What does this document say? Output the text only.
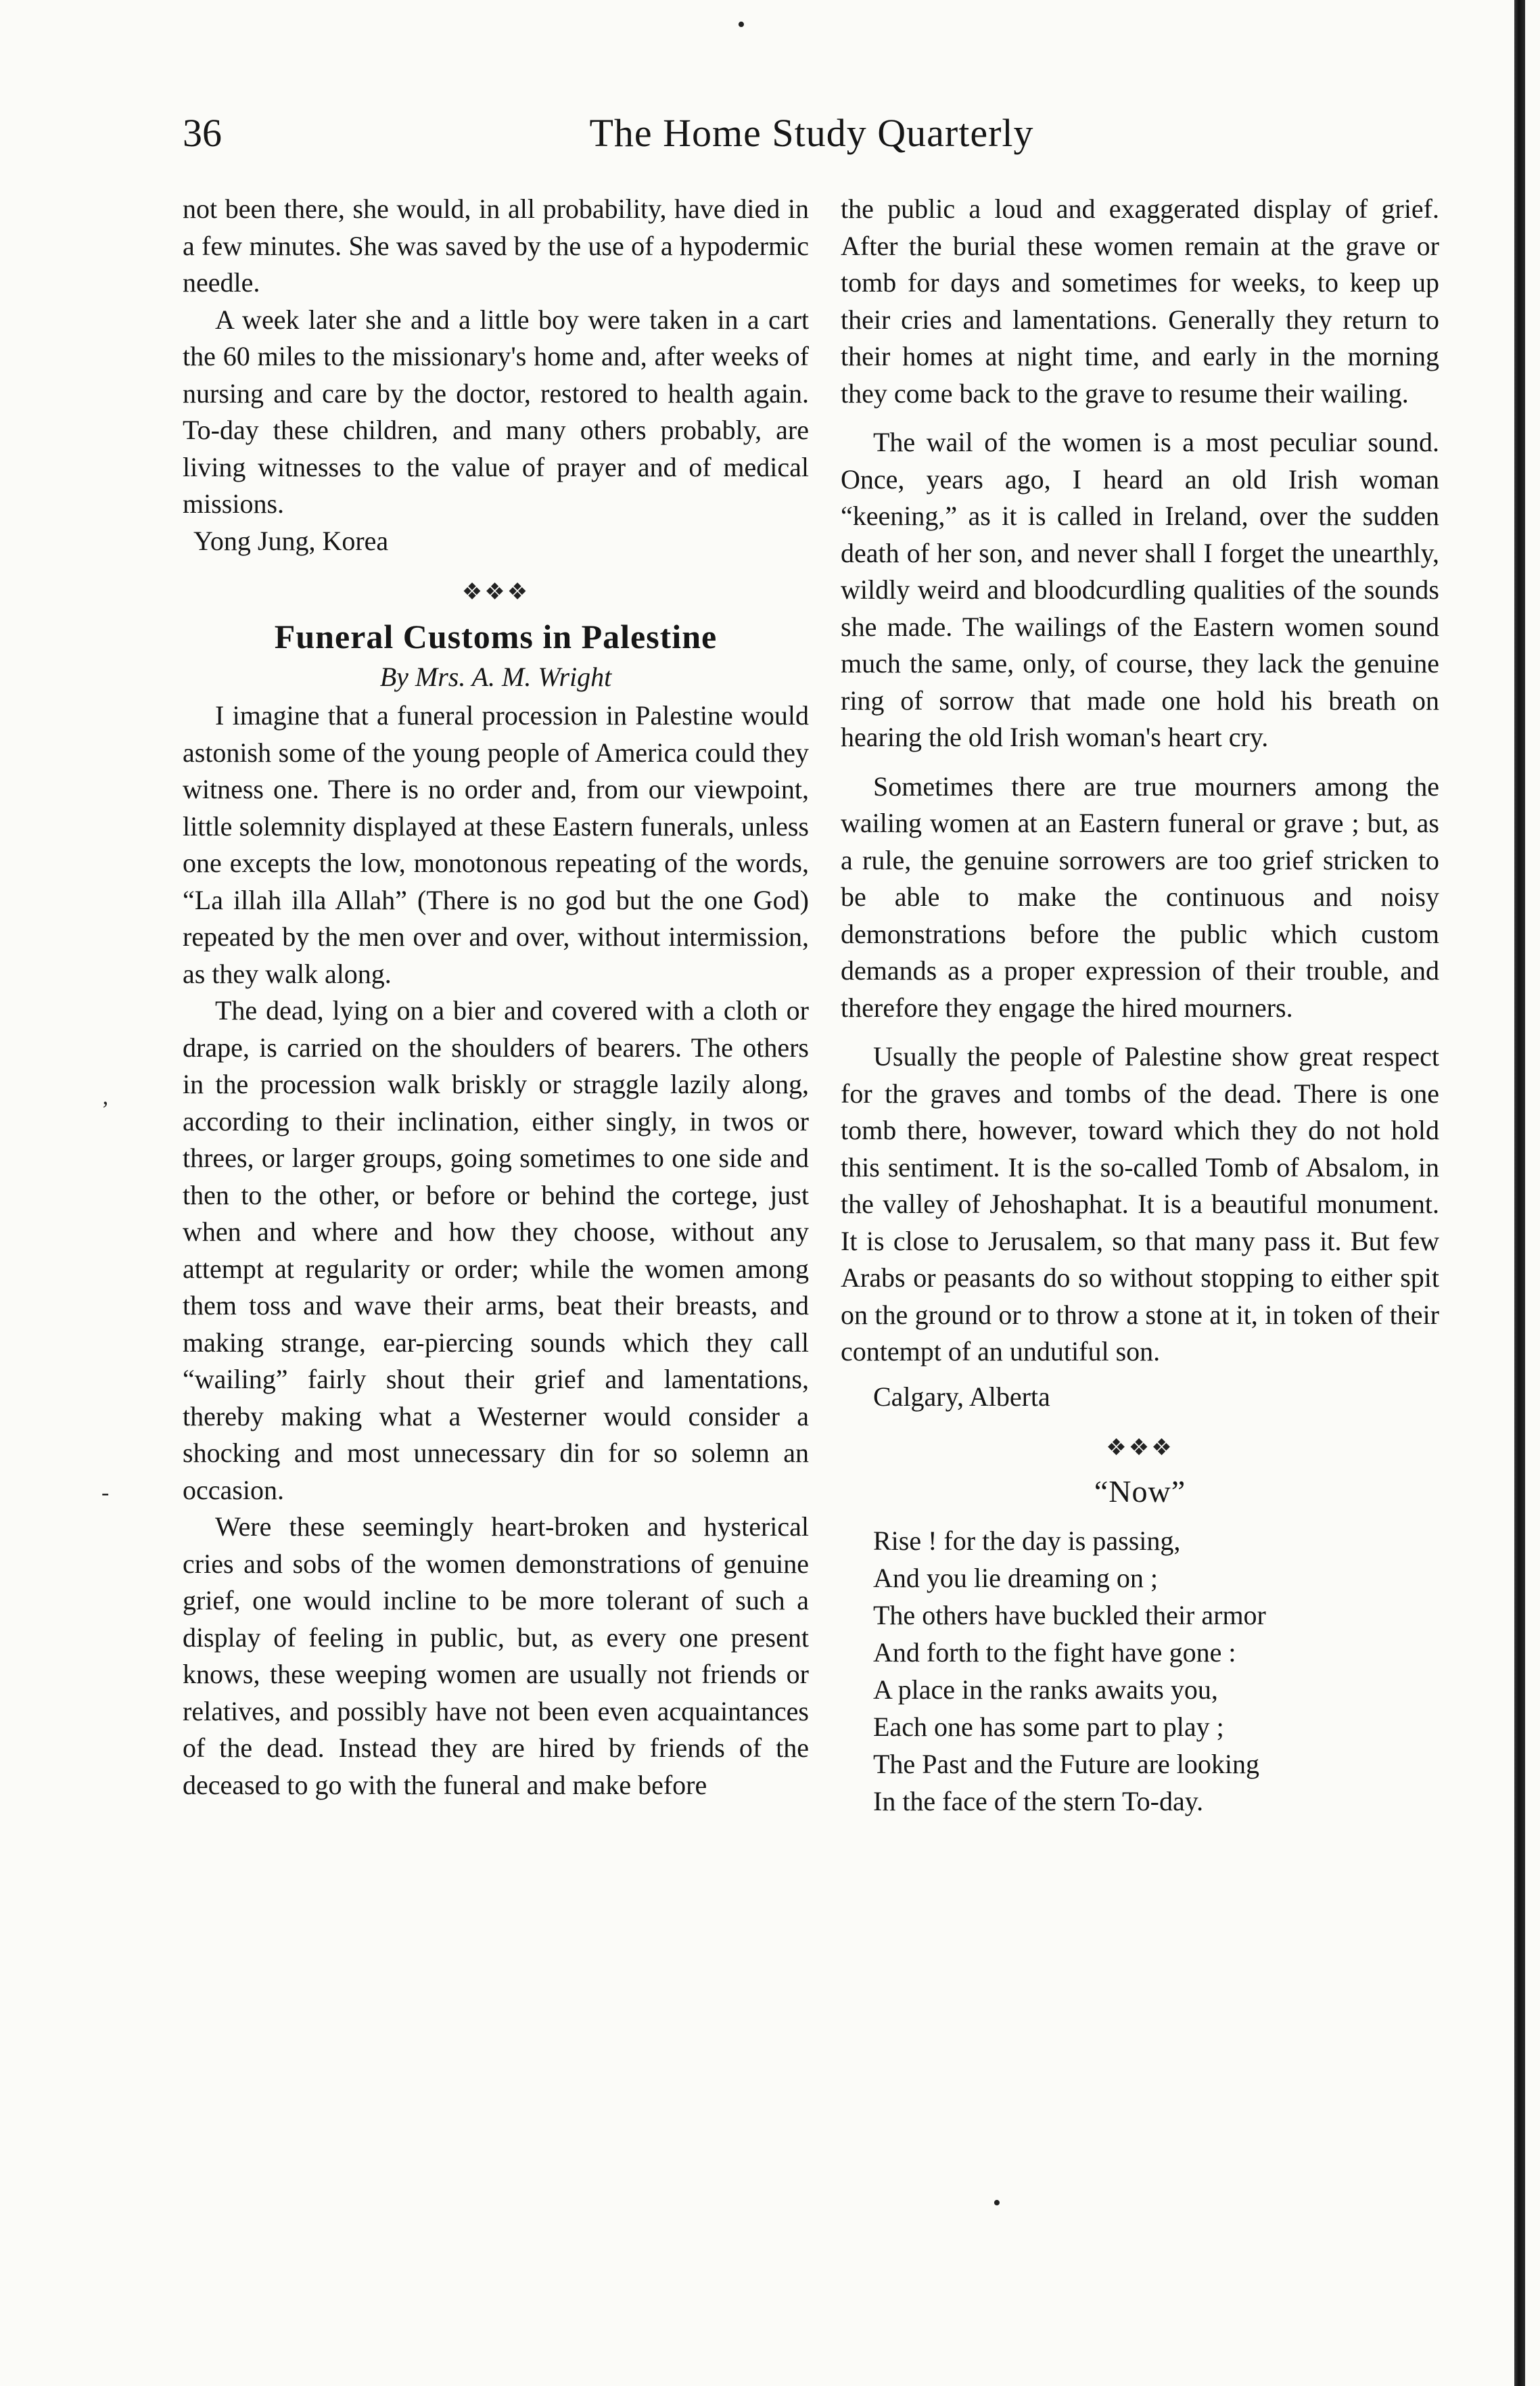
36	The Home Study Quarterly

not been there, she would, in all probability, have died in a few minutes. She was saved by the use of a hypodermic needle.

A week later she and a little boy were taken in a cart the 60 miles to the missionary's home and, after weeks of nursing and care by the doctor, restored to health again. To-day these children, and many others probably, are living witnesses to the value of prayer and of medical missions.

Yong Jung, Korea

❖❖❖
Funeral Customs in Palestine
By Mrs. A. M. Wright

I imagine that a funeral procession in Palestine would astonish some of the young people of America could they witness one. There is no order and, from our viewpoint, little solemnity displayed at these Eastern funerals, unless one excepts the low, monotonous repeating of the words, “La illah illa Allah” (There is no god but the one God) repeated by the men over and over, without intermission, as they walk along.

The dead, lying on a bier and covered with a cloth or drape, is carried on the shoulders of bearers. The others in the procession walk briskly or straggle lazily along, according to their inclination, either singly, in twos or threes, or larger groups, going sometimes to one side and then to the other, or before or behind the cortege, just when and where and how they choose, without any attempt at regularity or order; while the women among them toss and wave their arms, beat their breasts, and making strange, ear-piercing sounds which they call “wailing” fairly shout their grief and lamentations, thereby making what a Westerner would consider a shocking and most unnecessary din for so solemn an occasion.

Were these seemingly heart-broken and hysterical cries and sobs of the women demonstrations of genuine grief, one would incline to be more tolerant of such a display of feeling in public, but, as every one present knows, these weeping women are usually not friends or relatives, and possibly have not been even acquaintances of the dead. Instead they are hired by friends of the deceased to go with the funeral and make before

the public a loud and exaggerated display of grief. After the burial these women remain at the grave or tomb for days and sometimes for weeks, to keep up their cries and lamentations. Generally they return to their homes at night time, and early in the morning they come back to the grave to resume their wailing.

The wail of the women is a most peculiar sound. Once, years ago, I heard an old Irish woman “keening,” as it is called in Ireland, over the sudden death of her son, and never shall I forget the unearthly, wildly weird and bloodcurdling qualities of the sounds she made. The wailings of the Eastern women sound much the same, only, of course, they lack the genuine ring of sorrow that made one hold his breath on hearing the old Irish woman's heart cry.

Sometimes there are true mourners among the wailing women at an Eastern funeral or grave ; but, as a rule, the genuine sorrowers are too grief stricken to be able to make the continuous and noisy demonstrations before the public which custom demands as a proper expression of their trouble, and therefore they engage the hired mourners.

Usually the people of Palestine show great respect for the graves and tombs of the dead. There is one tomb there, however, toward which they do not hold this sentiment. It is the so-called Tomb of Absalom, in the valley of Jehoshaphat. It is a beautiful monument. It is close to Jerusalem, so that many pass it. But few Arabs or peasants do so without stopping to either spit on the ground or to throw a stone at it, in token of their contempt of an undutiful son.

Calgary, Alberta

❖❖❖
“Now”
Rise ! for the day is passing,
And you lie dreaming on ;
The others have buckled their armor
And forth to the fight have gone :
A place in the ranks awaits you,
Each one has some part to play ;
The Past and the Future are looking
In the face of the stern To-day.
•
•
‚
-
